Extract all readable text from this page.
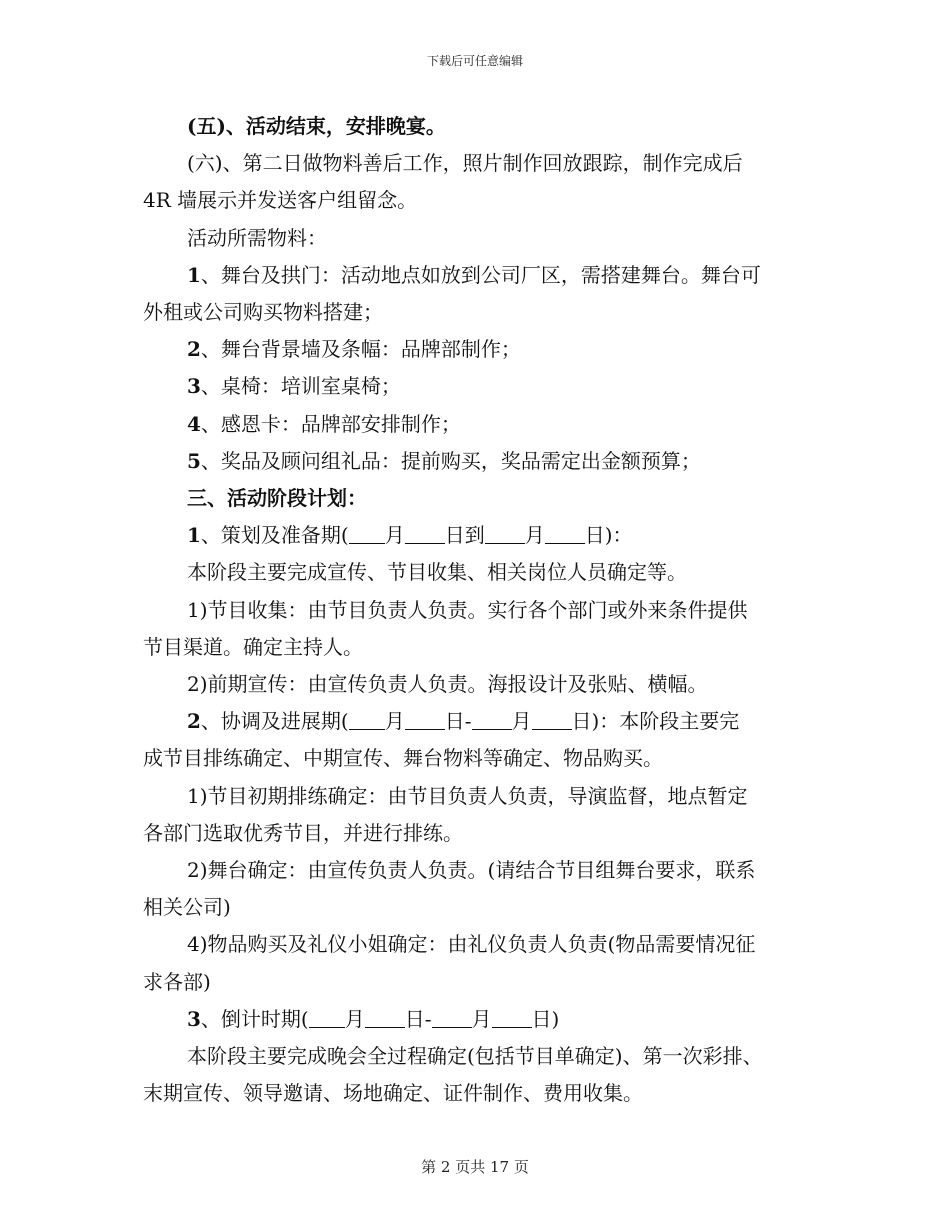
下载后可任意编辑

(五)、活动结束，安排晚宴。

(六)、第二日做物料善后工作，照片制作回放跟踪，制作完成后

4R 墙展示并发送客户组留念。

活动所需物料：

1、舞台及拱门：活动地点如放到公司厂区，需搭建舞台。舞台可

外租或公司购买物料搭建；

2、舞台背景墙及条幅：品牌部制作；

3、桌椅：培训室桌椅；

4、感恩卡：品牌部安排制作；

5、奖品及顾问组礼品：提前购买，奖品需定出金额预算；

三、活动阶段计划：

1、策划及准备期( 月 日到 月 日)：

本阶段主要完成宣传、节目收集、相关岗位人员确定等。

1)节目收集：由节目负责人负责。实行各个部门或外来条件提供

节目渠道。确定主持人。

2)前期宣传：由宣传负责人负责。海报设计及张贴、横幅。

2、协调及进展期( 月 日- 月 日)：本阶段主要完

成节目排练确定、中期宣传、舞台物料等确定、物品购买。

1)节目初期排练确定：由节目负责人负责，导演监督，地点暂定

各部门选取优秀节目，并进行排练。

2)舞台确定：由宣传负责人负责。(请结合节目组舞台要求，联系

相关公司)

4)物品购买及礼仪小姐确定：由礼仪负责人负责(物品需要情况征

求各部)

3、倒计时期( 月 日- 月 日)

本阶段主要完成晚会全过程确定(包括节目单确定)、第一次彩排、

末期宣传、领导邀请、场地确定、证件制作、费用收集。

第 2 页共 17 页
